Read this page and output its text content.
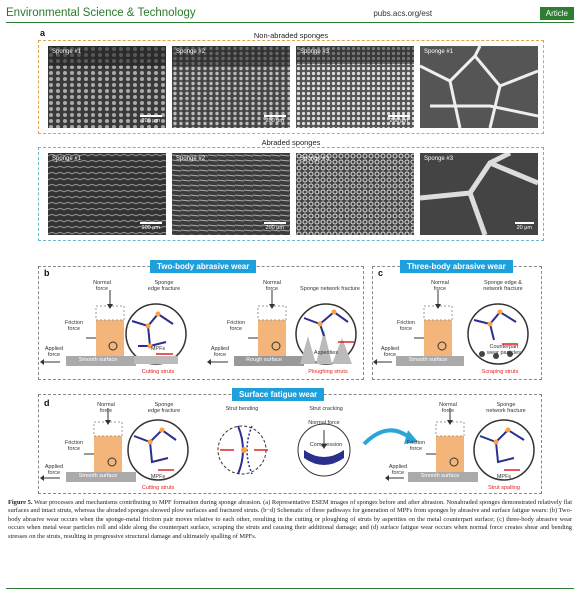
Environmental Science & Technology	pubs.acs.org/est	Article
a	Non-abraded sponges
Abraded sponges
Sponge #1
200 μm
Sponge #2
200 μm
Sponge #3
200 μm
Sponge #1
Sponge #1
200 μm
Sponge #2
200 μm
Sponge #3	Sponge #3
20 μm
b
Two-body abrasive wear
Normal
force
Sponge
edge fracture
Friction
force
Applied
force
Smooth surface
MPFs
Cutting struts
Normal
force	Sponge network fracture
Friction
force
Applied
force
Rough surface
Asperities
Ploughing struts
c
Three-body abrasive wear
Normal
force
Sponge edge &
network fracture
Friction
force
Applied
force
Smooth surface
Counterpart
wear particles
Scraping struts
d
Surface fatigue wear
Normal
force
Sponge
edge fracture
Friction
force
Applied
force	Smooth surface	MPFs
Cutting struts
Strut bending	Strut cracking
Normal force
Compression
Tension
Normal
force
Sponge
network fracture
Friction
force
Applied
force	Smooth surface	MPFs
Strut spalling
Figure 5. Wear processes and mechanisms contributing to MPF formation during sponge abrasion. (a) Representative ESEM images of sponges before and after abrasion. Nonabraded sponges demonstrated relatively flat surfaces and intact struts, whereas the abraded sponges showed plow surfaces and fractured struts. (b−d) Schematic of three pathways for generation of MPFs from sponges by abrasive and surface fatigue wears: (b) Two-body abrasive wear occurs when the sponge-metal friction pair moves relative to each other, resulting in the cutting or ploughing of struts by asperities on the metal counterpart surface; (c) three-body abrasive wear occurs when metal wear particles roll and slide along the counterpart surface, scraping the struts and causing their additional damage; and (d) surface fatigue wear occurs when normal force creates shear and bending stresses on the struts, resulting in progressive structural damage and ultimately spalling of MPFs.
